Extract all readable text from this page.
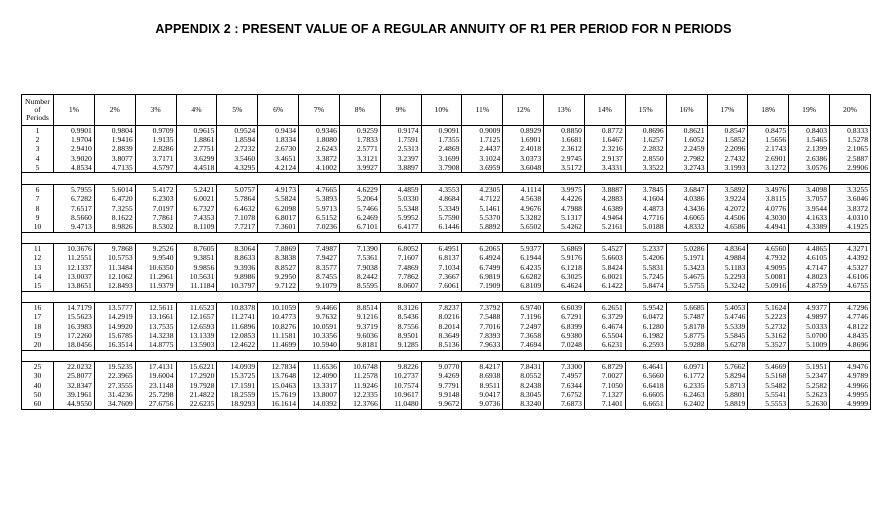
APPENDIX 2 : PRESENT VALUE OF A REGULAR ANNUITY OF R1 PER PERIOD FOR N PERIODS
Number
of
Periods	1%	2%	3%	4%	5%	6%	7%	8%	9%	10%	11%	12%	13%	14%	15%	16%	17%	18%	19%	20%
1	0.9901	0.9804	0.9709	0.9615	0.9524	0.9434	0.9346	0.9259	0.9174	0.9091	0.9009	0.8929	0.8850	0.8772	0.8696	0.8621	0.8547	0.8475	0.8403	0.8333
2	1.9704	1.9416	1.9135	1.8861	1.8594	1.8334	1.8080	1.7833	1.7591	1.7355	1.7125	1.6901	1.6681	1.6467	1.6257	1.6052	1.5852	1.5656	1.5465	1.5278
3	2.9410	2.8839	2.8286	2.7751	2.7232	2.6730	2.6243	2.5771	2.5313	2.4869	2.4437	2.4018	2.3612	2.3216	2.2832	2.2459	2.2096	2.1743	2.1399	2.1065
4	3.9020	3.8077	3.7171	3.6299	3.5460	3.4651	3.3872	3.3121	3.2397	3.1699	3.1024	3.0373	2.9745	2.9137	2.8550	2.7982	2.7432	2.6901	2.6386	2.5887
5	4.8534	4.7135	4.5797	4.4518	4.3295	4.2124	4.1002	3.9927	3.8897	3.7908	3.6959	3.6048	3.5172	3.4331	3.3522	3.2743	3.1993	3.1272	3.0576	2.9906

6	5.7955	5.6014	5.4172	5.2421	5.0757	4.9173	4.7665	4.6229	4.4859	4.3553	4.2305	4.1114	3.9975	3.8887	3.7845	3.6847	3.5892	3.4976	3.4098	3.3255
7	6.7282	6.4720	6.2303	6.0021	5.7864	5.5824	5.3893	5.2064	5.0330	4.8684	4.7122	4.5638	4.4226	4.2883	4.1604	4.0386	3.9224	3.8115	3.7057	3.6046
8	7.6517	7.3255	7.0197	6.7327	6.4632	6.2098	5.9713	5.7466	5.5348	5.3349	5.1461	4.9676	4.7988	4.6389	4.4873	4.3436	4.2072	4.0776	3.9544	3.8372
9	8.5660	8.1622	7.7861	7.4353	7.1078	6.8017	6.5152	6.2469	5.9952	5.7590	5.5370	5.3282	5.1317	4.9464	4.7716	4.6065	4.4506	4.3030	4.1633	4.0310
10	9.4713	8.9826	8.5302	8.1109	7.7217	7.3601	7.0236	6.7101	6.4177	6.1446	5.8892	5.6502	5.4262	5.2161	5.0188	4.8332	4.6586	4.4941	4.3389	4.1925

11	10.3676	9.7868	9.2526	8.7605	8.3064	7.8869	7.4987	7.1390	6.8052	6.4951	6.2065	5.9377	5.6869	5.4527	5.2337	5.0286	4.8364	4.6560	4.4865	4.3271
12	11.2551	10.5753	9.9540	9.3851	8.8633	8.3838	7.9427	7.5361	7.1607	6.8137	6.4924	6.1944	5.9176	5.6603	5.4206	5.1971	4.9884	4.7932	4.6105	4.4392
13	12.1337	11.3484	10.6350	9.9856	9.3936	8.8527	8.3577	7.9038	7.4869	7.1034	6.7499	6.4235	6.1218	5.8424	5.5831	5.3423	5.1183	4.9095	4.7147	4.5327
14	13.0037	12.1062	11.2961	10.5631	9.8986	9.2950	8.7455	8.2442	7.7862	7.3667	6.9819	6.6282	6.3025	6.0021	5.7245	5.4675	5.2293	5.0081	4.8023	4.6106
15	13.8651	12.8493	11.9379	11.1184	10.3797	9.7122	9.1079	8.5595	8.0607	7.6061	7.1909	6.8109	6.4624	6.1422	5.8474	5.5755	5.3242	5.0916	4.8759	4.6755

16	14.7179	13.5777	12.5611	11.6523	10.8378	10.1059	9.4466	8.8514	8.3126	7.8237	7.3792	6.9740	6.6039	6.2651	5.9542	5.6685	5.4053	5.1624	4.9377	4.7296
17	15.5623	14.2919	13.1661	12.1657	11.2741	10.4773	9.7632	9.1216	8.5436	8.0216	7.5488	7.1196	6.7291	6.3729	6.0472	5.7487	5.4746	5.2223	4.9897	4.7746
18	16.3983	14.9920	13.7535	12.6593	11.6896	10.8276	10.0591	9.3719	8.7556	8.2014	7.7016	7.2497	6.8399	6.4674	6.1280	5.8178	5.5339	5.2732	5.0333	4.8122
19	17.2260	15.6785	14.3238	13.1339	12.0853	11.1581	10.3356	9.6036	8.9501	8.3649	7.8393	7.3658	6.9380	6.5504	6.1982	5.8775	5.5845	5.3162	5.0700	4.8435
20	18.0456	16.3514	14.8775	13.5903	12.4622	11.4699	10.5940	9.8181	9.1285	8.5136	7.9633	7.4694	7.0248	6.6231	6.2593	5.9288	5.6278	5.3527	5.1009	4.8696

25	22.0232	19.5235	17.4131	15.6221	14.0939	12.7834	11.6536	10.6748	9.8226	9.0770	8.4217	7.8431	7.3300	6.8729	6.4641	6.0971	5.7662	5.4669	5.1951	4.9476
30	25.8077	22.3965	19.6004	17.2920	15.3725	13.7648	12.4090	11.2578	10.2737	9.4269	8.6938	8.0552	7.4957	7.0027	6.5660	6.1772	5.8294	5.5168	5.2347	4.9789
40	32.8347	27.3555	23.1148	19.7928	17.1591	15.0463	13.3317	11.9246	10.7574	9.7791	8.9511	8.2438	7.6344	7.1050	6.6418	6.2335	5.8713	5.5482	5.2582	4.9966
50	39.1961	31.4236	25.7298	21.4822	18.2559	15.7619	13.8007	12.2335	10.9617	9.9148	9.0417	8.3045	7.6752	7.1327	6.6605	6.2463	5.8801	5.5541	5.2623	4.9995
60	44.9550	34.7609	27.6756	22.6235	18.9293	16.1614	14.0392	12.3766	11.0480	9.9672	9.0736	8.3240	7.6873	7.1401	6.6651	6.2402	5.8819	5.5553	5.2630	4.9999
